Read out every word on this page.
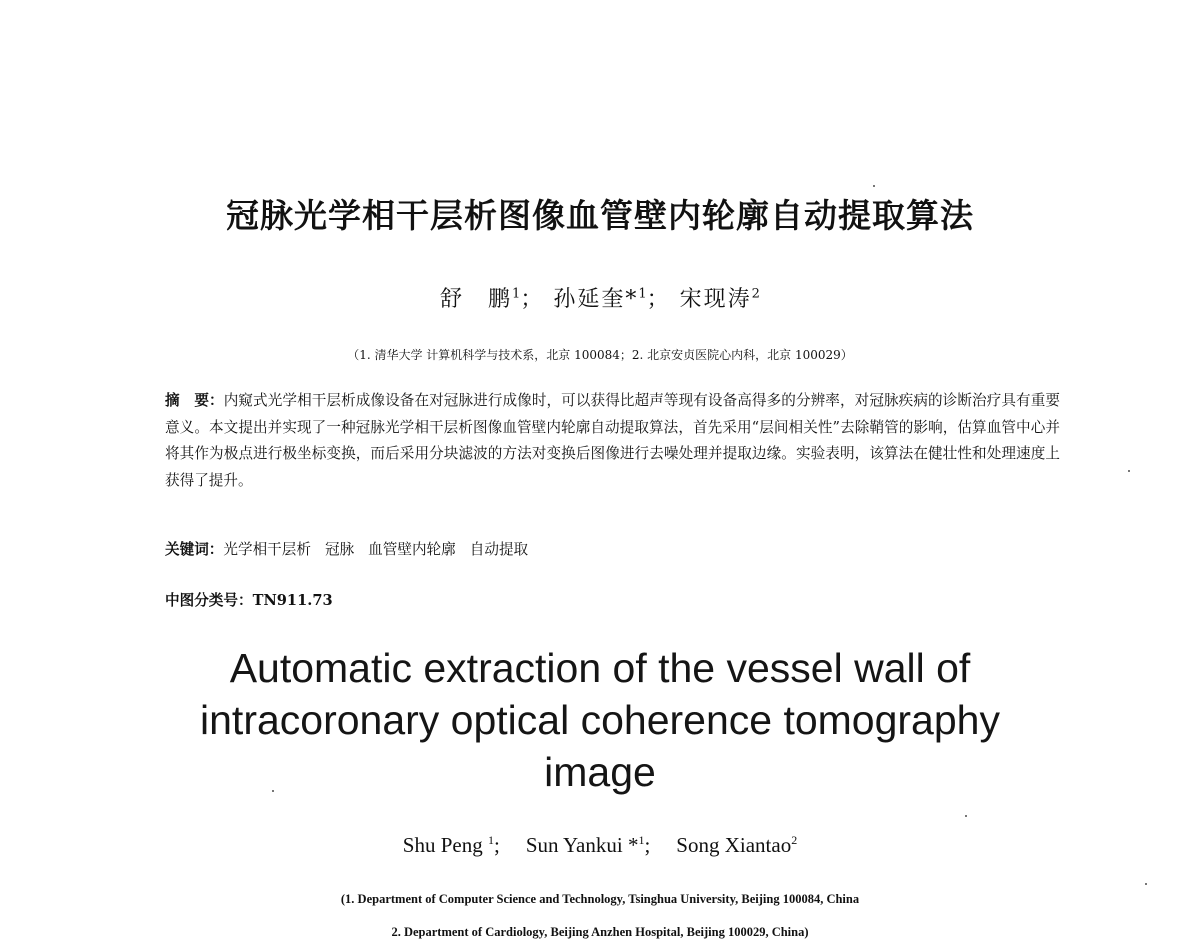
冠脉光学相干层析图像血管壁内轮廓自动提取算法
舒　鹏$^1$； 孙延奎*$^1$； 宋现涛$^2$
（1. 清华大学 计算机科学与技术系，北京 100084；2. 北京安贞医院心内科，北京 100029）
摘　要：内窥式光学相干层析成像设备在对冠脉进行成像时，可以获得比超声等现有设备高得多的分辨率，对冠脉疾病的诊断治疗具有重要意义。本文提出并实现了一种冠脉光学相干层析图像血管壁内轮廓自动提取算法，首先采用“层间相关性”去除鞘管的影响，估算血管中心并将其作为极点进行极坐标变换，而后采用分块滤波的方法对变换后图像进行去噪处理并提取边缘。实验表明，该算法在健壮性和处理速度上获得了提升。
关键词：光学相干层析 冠脉 血管壁内轮廓 自动提取
中图分类号：TN911.73
Automatic extraction of the vessel wall of
intracoronary optical coherence tomography
image
Shu Peng $^1$; Sun Yankui *$^1$; Song Xiantao$^2$
(1. Department of Computer Science and Technology, Tsinghua University, Beijing 100084, China
2. Department of Cardiology, Beijing Anzhen Hospital, Beijing 100029, China)
